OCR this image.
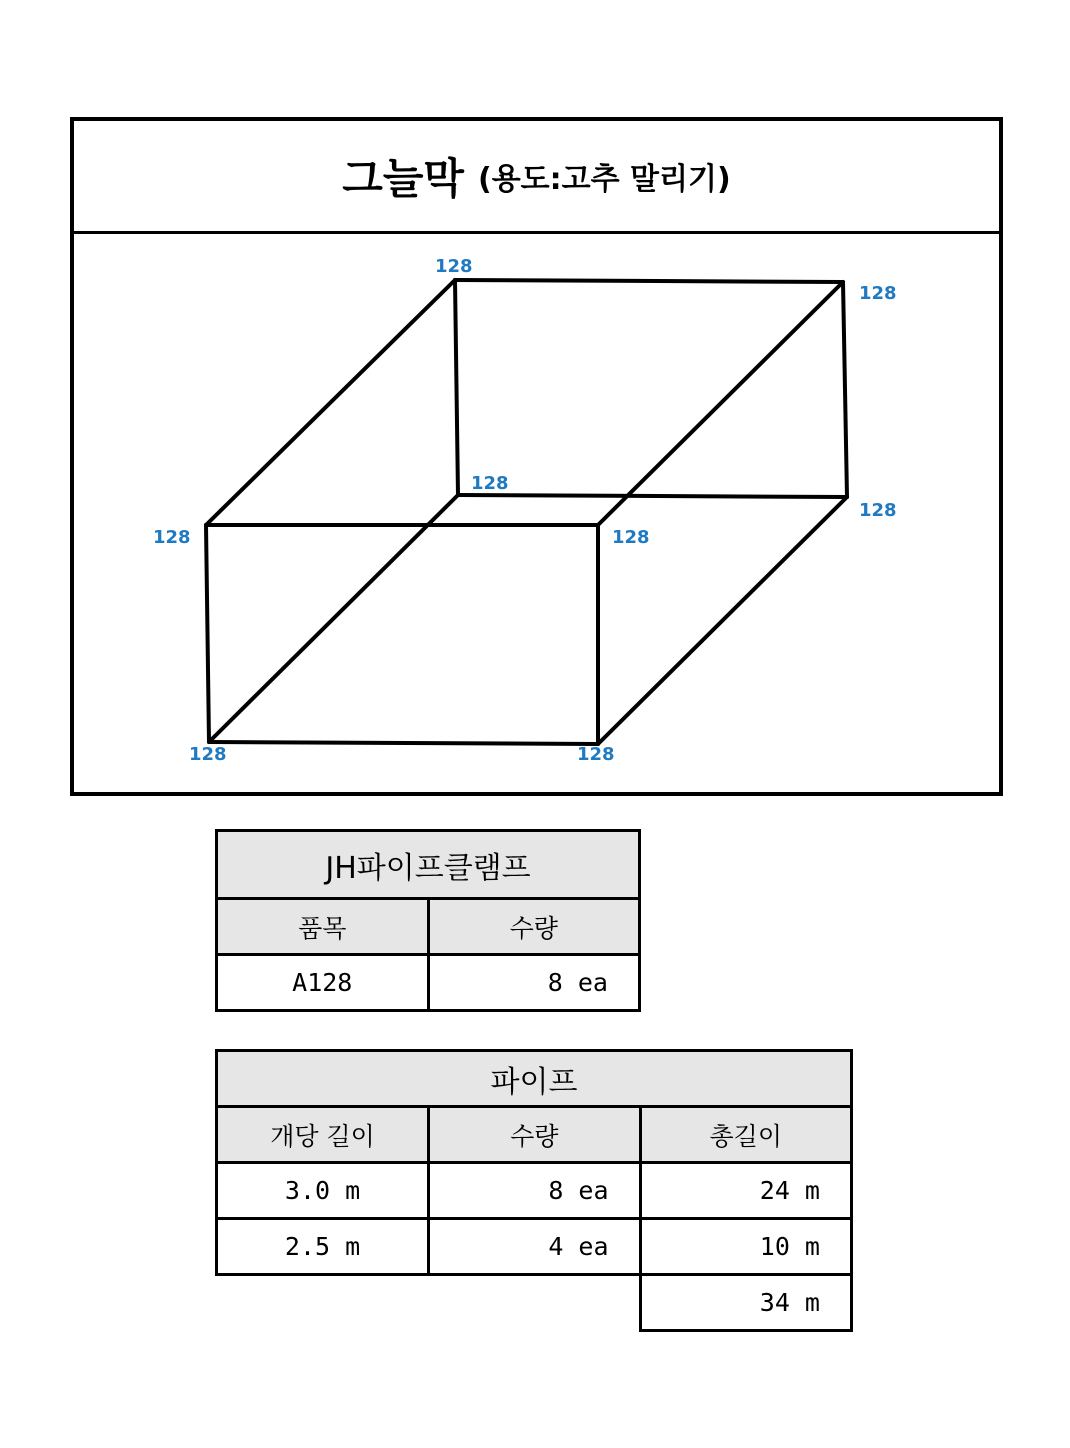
그늘막 (용도:고추 말리기)
128
128
128
128
128	128
128	128
JH파이프클램프	
품목	수량
A128	8 ea
파이프		
개당 길이	수량	총길이
3.0 m	8 ea	24 m
2.5 m	4 ea	10 m
		34 m
